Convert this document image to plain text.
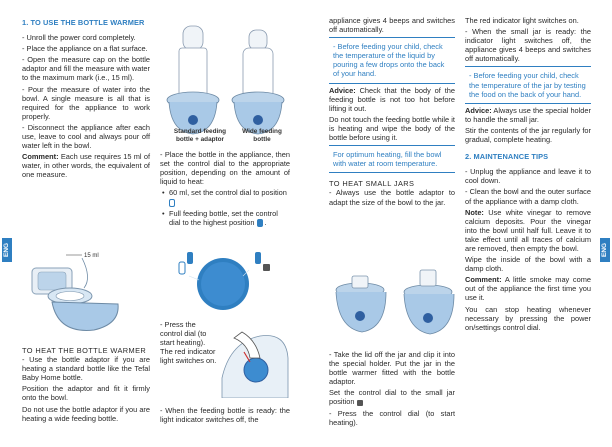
ENG	ENG
1. TO USE THE BOTTLE WARMER

- Unroll the power cord completely.

- Place the appliance on a flat surface.

- Open the measure cap on the bottle adaptor and fill the measure with water to the maximum mark (i.e., 15 ml).

- Pour the measure of water into the bowl. A single measure is all that is required for the appliance to work properly.

- Disconnect the appliance after each use, leave to cool and always pour off water left in the bowl.

Comment: Each use requires 15 ml of water, in other words, the equivalent of one measure.

15 ml
TO HEAT THE BOTTLE WARMER

- Use the bottle adaptor if you are heating a standard bottle like the Tefal Baby Home bottle.

Position the adaptor and fit it firmly onto the bowl.

Do not use the bottle adaptor if you are heating a wide feeding bottle.

Standard feeding bottle + adaptor
Wide feeding bottle

- Place the bottle in the appliance, then set the control dial to the appropriate position, depending on the amount of liquid to heat:

• 60 ml, set the control dial to position
• Full feeding bottle, set the control dial to the highest position  .

- Press the control dial (to start heating). The red indicator light switches on.

- When the feeding bottle is ready: the light indicator switches off, the

appliance gives 4 beeps and switches off automatically.

- Before feeding your child, check the temperature of the liquid by pouring a few drops onto the back of your hand.

Advice: Check that the body of the feeding bottle is not too hot before lifting it out.

Do not touch the feeding bottle while it is heating and wipe the body of the bottle before using it.

For optimum heating, fill the bowl with water at room temperature.

TO HEAT SMALL JARS

- Always use the bottle adaptor to adapt the size of the bowl to the jar.

- Take the lid off the jar and clip it into the special holder. Put the jar in the bottle warmer fitted with the bottle adaptor.

Set the control dial to the small jar position

- Press the control dial (to start heating).

The red indicator light switches on.

- When the small jar is ready: the indicator light switches off, the appliance gives 4 beeps and switches off automatically.

- Before feeding your child, check the temperature of the jar by testing the food on the back of your hand.

Advice: Always use the special holder to handle the small jar.

Stir the contents of the jar regularly for gradual, complete heating.

2. MAINTENANCE TIPS

- Unplug the appliance and leave it to cool down.

- Clean the bowl and the outer surface of the appliance with a damp cloth.

Note: Use white vinegar to remove calcium deposits. Pour the vinegar into the bowl until half full. Leave it to take effect until all traces of calcium are removed, then empty the bowl.

Wipe the inside of the bowl with a damp cloth.

Comment: A little smoke may come out of the appliance the first time you use it.

You can stop heating whenever necessary by pressing the power on/settings control dial.
